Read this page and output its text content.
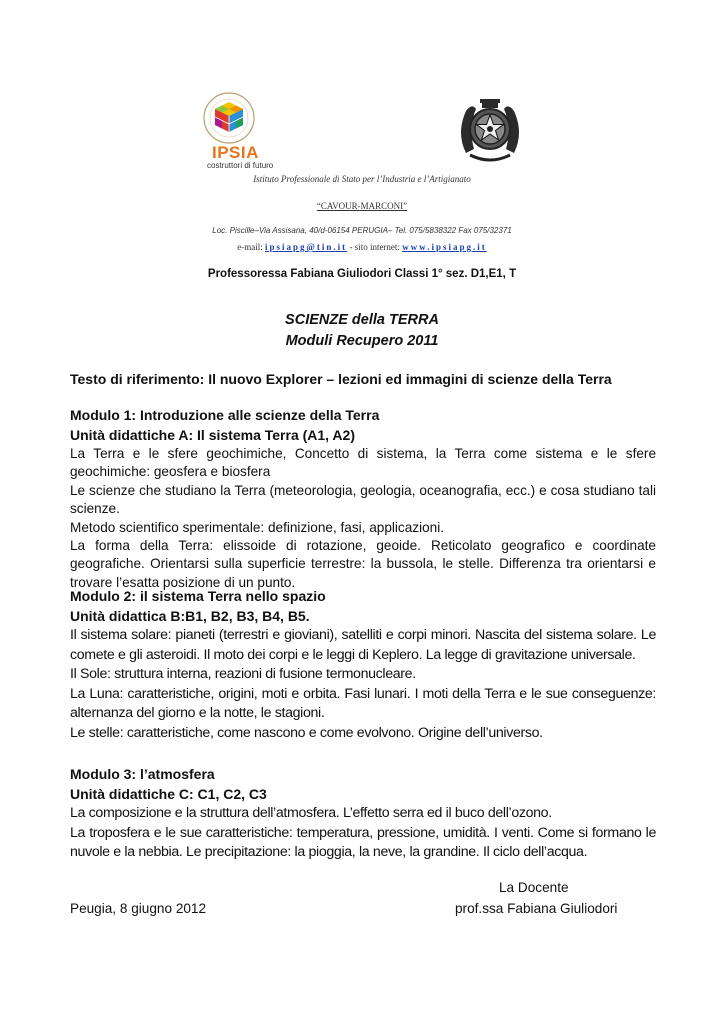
IPSIA
costruttori di futuro
Istituto Professionale di Stato per l’Industria e l’Artigianato
“CAVOUR-MARCONI”
Loc. Piscille–Via Assisana, 40/d-06154 PERUGIA– Tel. 075/5838322 Fax 075/32371
e-mail: ipsiapg@tin.it - sito internet: www.ipsiapg.it
Professoressa Fabiana Giuliodori Classi 1° sez. D1,E1, T
SCIENZE della TERRA
Moduli Recupero 2011
Testo di riferimento: Il nuovo Explorer – lezioni ed immagini di scienze della Terra
Modulo 1: Introduzione alle scienze della Terra
Unità didattiche A: Il sistema Terra (A1, A2)

La Terra e le sfere geochimiche, Concetto di sistema, la Terra come sistema e le sfere geochimiche: geosfera e biosfera

Le scienze che studiano la Terra (meteorologia, geologia, oceanografia, ecc.) e cosa studiano tali scienze.

Metodo scientifico sperimentale: definizione, fasi, applicazioni.

La forma della Terra: elissoide di rotazione, geoide. Reticolato geografico e coordinate geografiche. Orientarsi sulla superficie terrestre: la bussola, le stelle. Differenza tra orientarsi e trovare l’esatta posizione di un punto.

Modulo 2: il sistema Terra nello spazio
Unità didattica B:B1, B2, B3, B4, B5.

Il sistema solare: pianeti (terrestri e gioviani), satelliti e corpi minori. Nascita del sistema solare. Le comete e gli asteroidi. Il moto dei corpi e le leggi di Keplero. La legge di gravitazione universale.

Il Sole: struttura interna, reazioni di fusione termonucleare.

La Luna: caratteristiche, origini, moti e orbita. Fasi lunari. I moti della Terra e le sue conseguenze: alternanza del giorno e la notte, le stagioni.

Le stelle: caratteristiche, come nascono e come evolvono. Origine dell’universo.

Modulo 3: l’atmosfera
Unità didattiche C: C1, C2, C3

La composizione e la struttura dell’atmosfera. L’effetto serra ed il buco dell’ozono.

La troposfera e le sue caratteristiche: temperatura, pressione, umidità. I venti. Come si formano le nuvole e la nebbia. Le precipitazione: la pioggia, la neve, la grandine. Il ciclo dell’acqua.

La Docente
Peugia, 8 giugno 2012	prof.ssa Fabiana Giuliodori
